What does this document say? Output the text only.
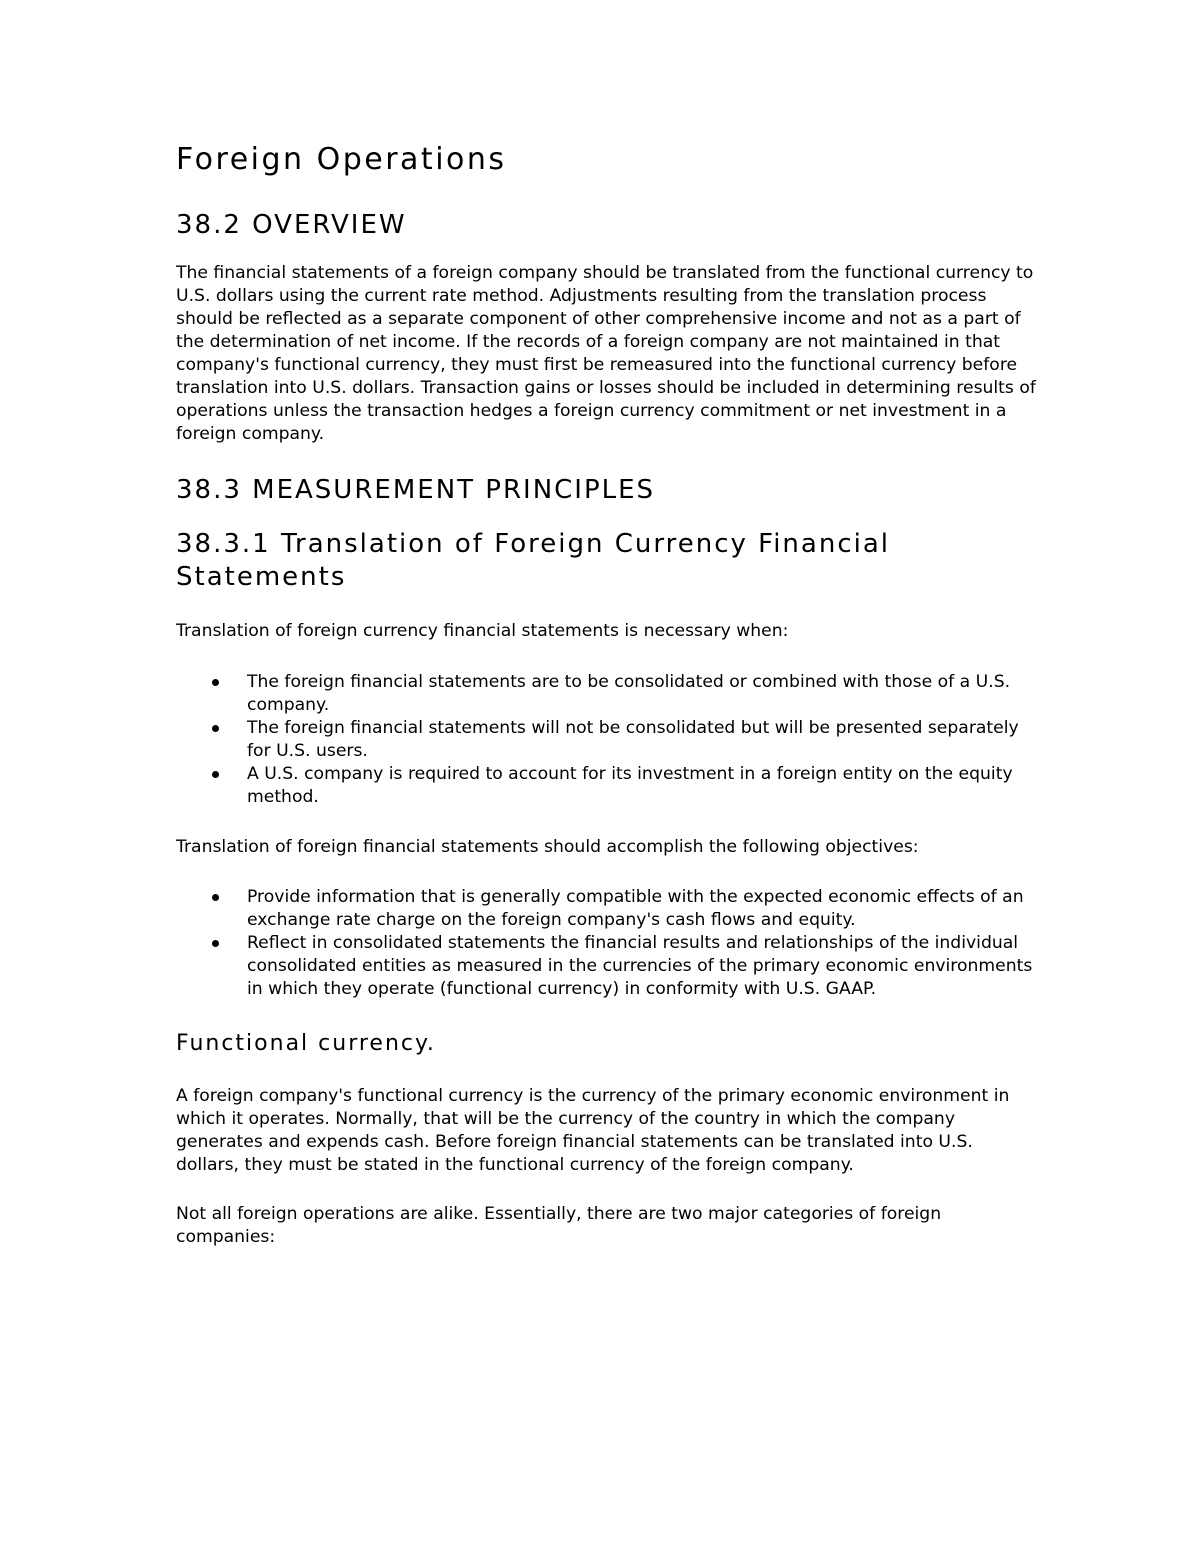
Foreign Operations
38.2 OVERVIEW

The financial statements of a foreign company should be translated from the functional currency to U.S. dollars using the current rate method. Adjustments resulting from the translation process should be reflected as a separate component of other comprehensive income and not as a part of the determination of net income. If the records of a foreign company are not maintained in that company's functional currency, they must first be remeasured into the functional currency before translation into U.S. dollars. Transaction gains or losses should be included in determining results of operations unless the transaction hedges a foreign currency commitment or net investment in a foreign company.

38.3 MEASUREMENT PRINCIPLES
38.3.1 Translation of Foreign Currency Financial Statements

Translation of foreign currency financial statements is necessary when:

The foreign financial statements are to be consolidated or combined with those of a U.S. company.
The foreign financial statements will not be consolidated but will be presented separately for U.S. users.
A U.S. company is required to account for its investment in a foreign entity on the equity method.

Translation of foreign financial statements should accomplish the following objectives:

Provide information that is generally compatible with the expected economic effects of an exchange rate charge on the foreign company's cash flows and equity.
Reflect in consolidated statements the financial results and relationships of the individual consolidated entities as measured in the currencies of the primary economic environments in which they operate (functional currency) in conformity with U.S. GAAP.
Functional currency.

A foreign company's functional currency is the currency of the primary economic environment in which it operates. Normally, that will be the currency of the country in which the company generates and expends cash. Before foreign financial statements can be translated into U.S. dollars, they must be stated in the functional currency of the foreign company.

Not all foreign operations are alike. Essentially, there are two major categories of foreign companies:
